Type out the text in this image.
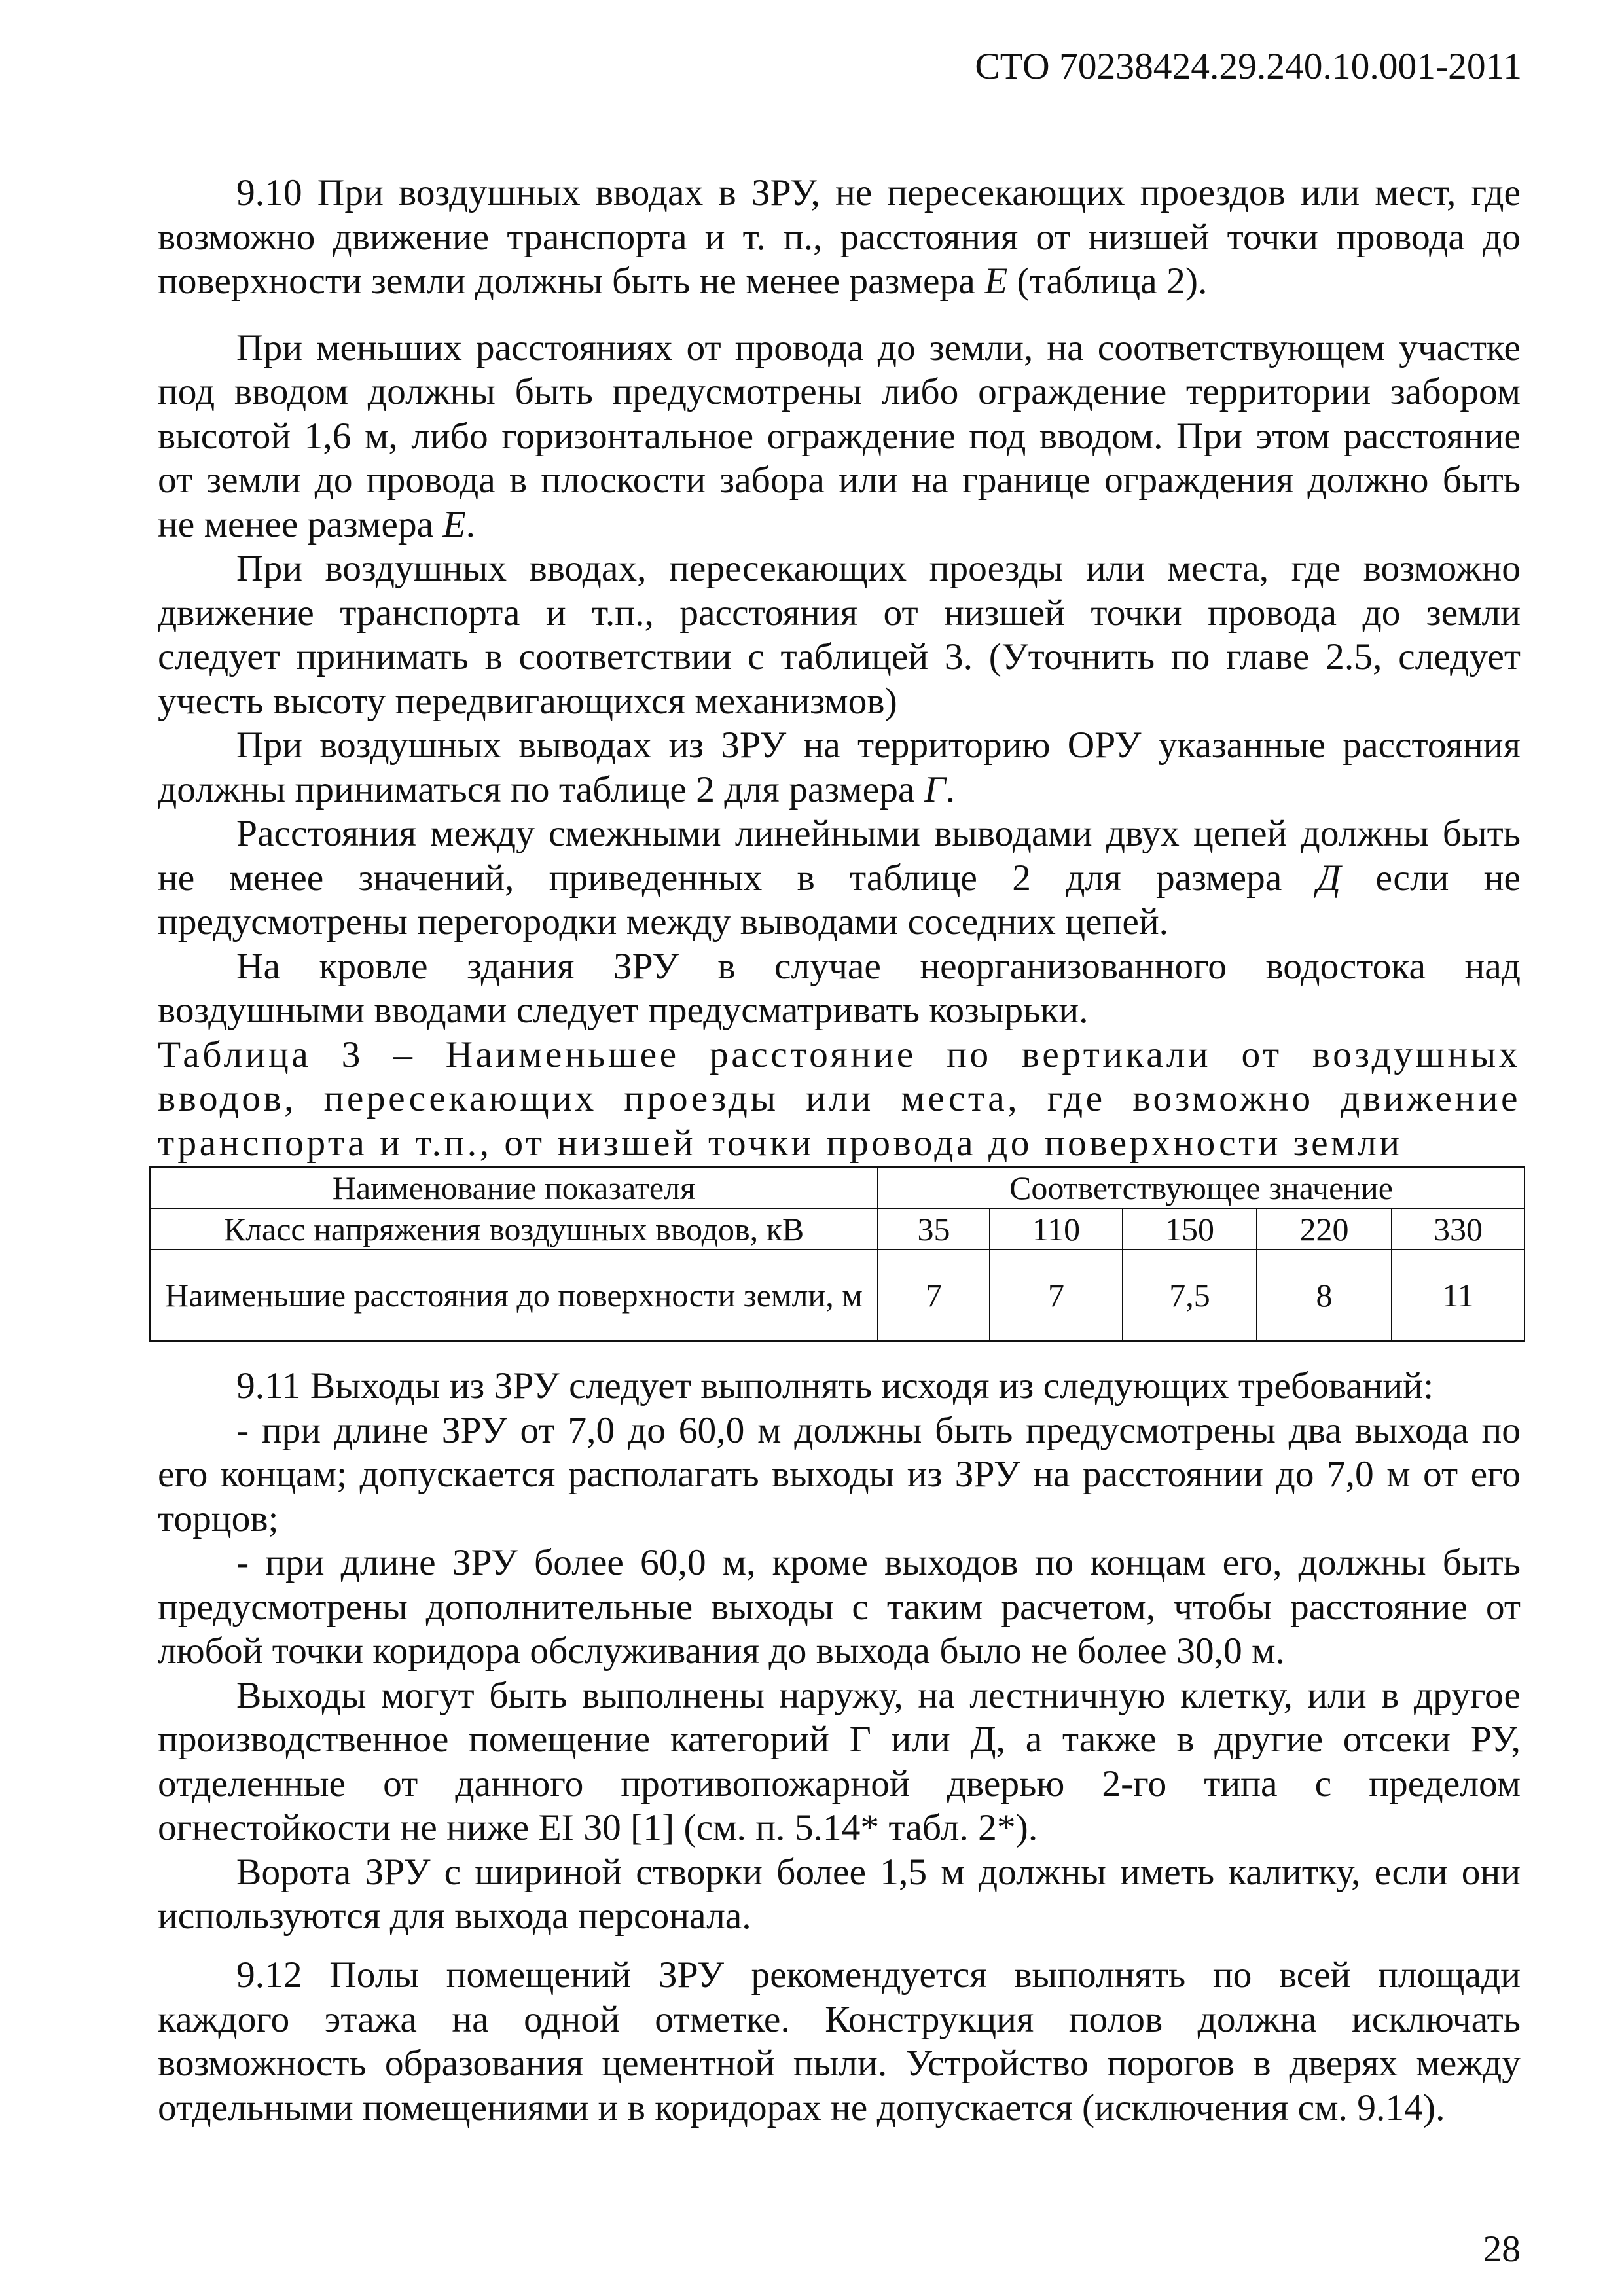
СТО 70238424.29.240.10.001-2011
9.10 При воздушных вводах в ЗРУ, не пересекающих проездов или мест, где
возможно движение транспорта и т. п., расстояния от низшей точки провода до
поверхности земли должны быть не менее размера Е (таблица 2).
При меньших расстояниях от провода до земли, на соответствующем участке
под вводом должны быть предусмотрены либо ограждение территории забором
высотой 1,6 м, либо горизонтальное ограждение под вводом. При этом расстояние
от земли до провода в плоскости забора или на границе ограждения должно быть
не менее размера Е.
При воздушных вводах, пересекающих проезды или места, где возможно
движение транспорта и т.п., расстояния от низшей точки провода до земли
следует принимать в соответствии с таблицей 3. (Уточнить по главе 2.5, следует
учесть высоту передвигающихся механизмов)
При воздушных выводах из ЗРУ на территорию ОРУ указанные расстояния
должны приниматься по таблице 2 для размера Г.
Расстояния между смежными линейными выводами двух цепей должны быть
не менее значений, приведенных в таблице 2 для размера Д если не
предусмотрены перегородки между выводами соседних цепей.
На кровле здания ЗРУ в случае неорганизованного водостока над
воздушными вводами следует предусматривать козырьки.
Таблица 3 – Наименьшее расстояние по вертикали от воздушных
вводов, пересекающих проезды или места, где возможно движение
транспорта и т.п., от низшей точки провода до поверхности земли
Наименование показателя	Соответствующее значение				
Класс напряжения воздушных вводов, кВ	35	110	150	220	330
Наименьшие расстояния до поверхности земли, м	7	7	7,5	8	11
9.11 Выходы из ЗРУ следует выполнять исходя из следующих требований:
- при длине ЗРУ от 7,0 до 60,0 м должны быть предусмотрены два выхода по
его концам; допускается располагать выходы из ЗРУ на расстоянии до 7,0 м от его
торцов;
- при длине ЗРУ более 60,0 м, кроме выходов по концам его, должны быть
предусмотрены дополнительные выходы с таким расчетом, чтобы расстояние от
любой точки коридора обслуживания до выхода было не более 30,0 м.
Выходы могут быть выполнены наружу, на лестничную клетку, или в другое
производственное помещение категорий Г или Д, а также в другие отсеки РУ,
отделенные от данного противопожарной дверью 2-го типа с пределом
огнестойкости не ниже EI 30 [1] (см. п. 5.14* табл. 2*).
Ворота ЗРУ с шириной створки более 1,5 м должны иметь калитку, если они
используются для выхода персонала.
9.12 Полы помещений ЗРУ рекомендуется выполнять по всей площади
каждого этажа на одной отметке. Конструкция полов должна исключать
возможность образования цементной пыли. Устройство порогов в дверях между
отдельными помещениями и в коридорах не допускается (исключения см. 9.14).
28
